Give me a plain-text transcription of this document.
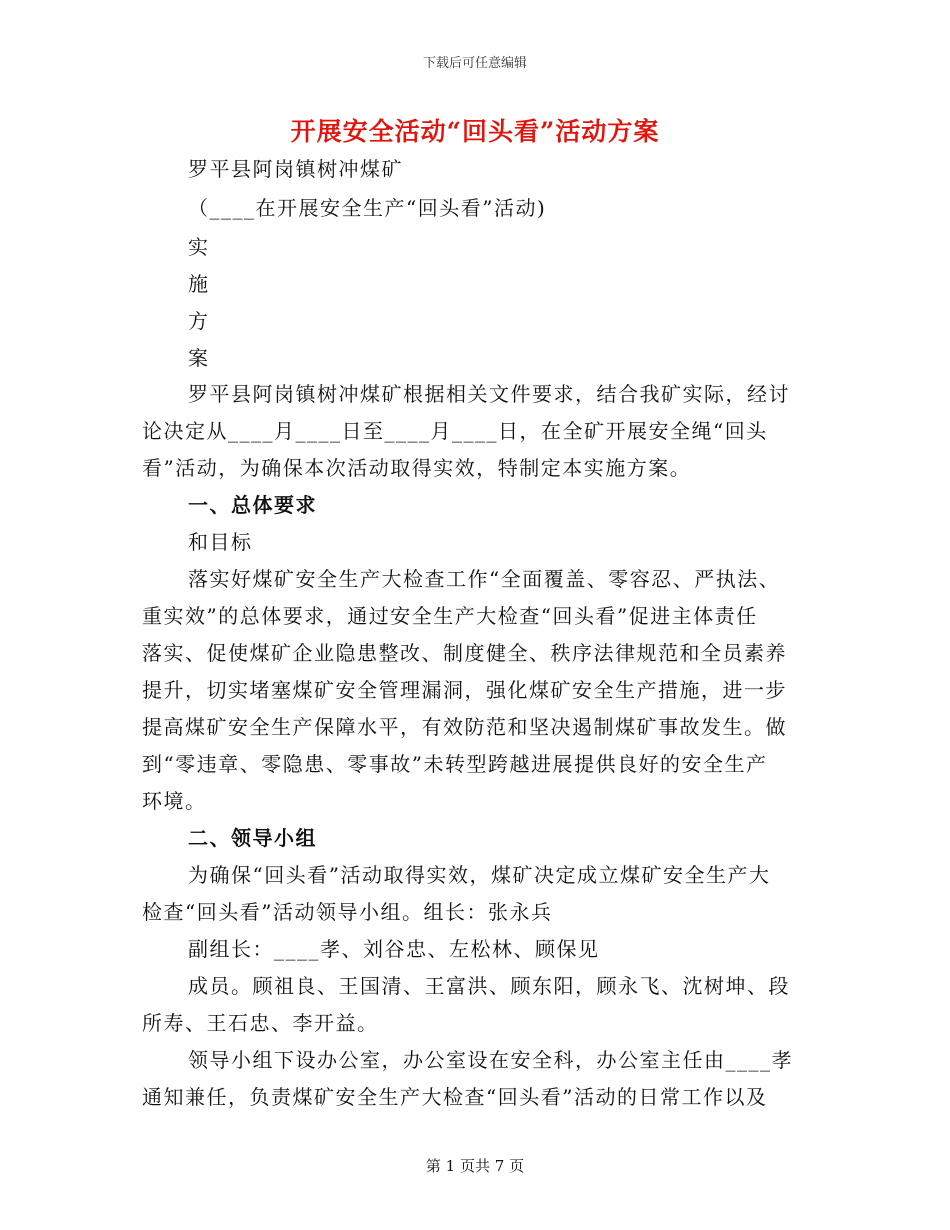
下载后可任意编辑
开展安全活动“回头看”活动方案
罗平县阿岗镇树冲煤矿
（____在开展安全生产“回头看”活动)
实
施
方
案
罗平县阿岗镇树冲煤矿根据相关文件要求，结合我矿实际，经讨
论决定从____月____日至____月____日，在全矿开展安全绳“回头
看”活动，为确保本次活动取得实效，特制定本实施方案。
一、总体要求
和目标
落实好煤矿安全生产大检查工作“全面覆盖、零容忍、严执法、
重实效”的总体要求，通过安全生产大检查“回头看”促进主体责任
落实、促使煤矿企业隐患整改、制度健全、秩序法律规范和全员素养
提升，切实堵塞煤矿安全管理漏洞，强化煤矿安全生产措施，进一步
提高煤矿安全生产保障水平，有效防范和坚决遏制煤矿事故发生。做
到“零违章、零隐患、零事故”未转型跨越进展提供良好的安全生产
环境。
二、领导小组
为确保“回头看”活动取得实效，煤矿决定成立煤矿安全生产大
检查“回头看”活动领导小组。组长：张永兵
副组长：____孝、刘谷忠、左松林、顾保见
成员。顾祖良、王国清、王富洪、顾东阳，顾永飞、沈树坤、段
所寿、王石忠、李开益。
领导小组下设办公室，办公室设在安全科，办公室主任由____孝
通知兼任，负责煤矿安全生产大检查“回头看”活动的日常工作以及
第 1 页共 7 页
